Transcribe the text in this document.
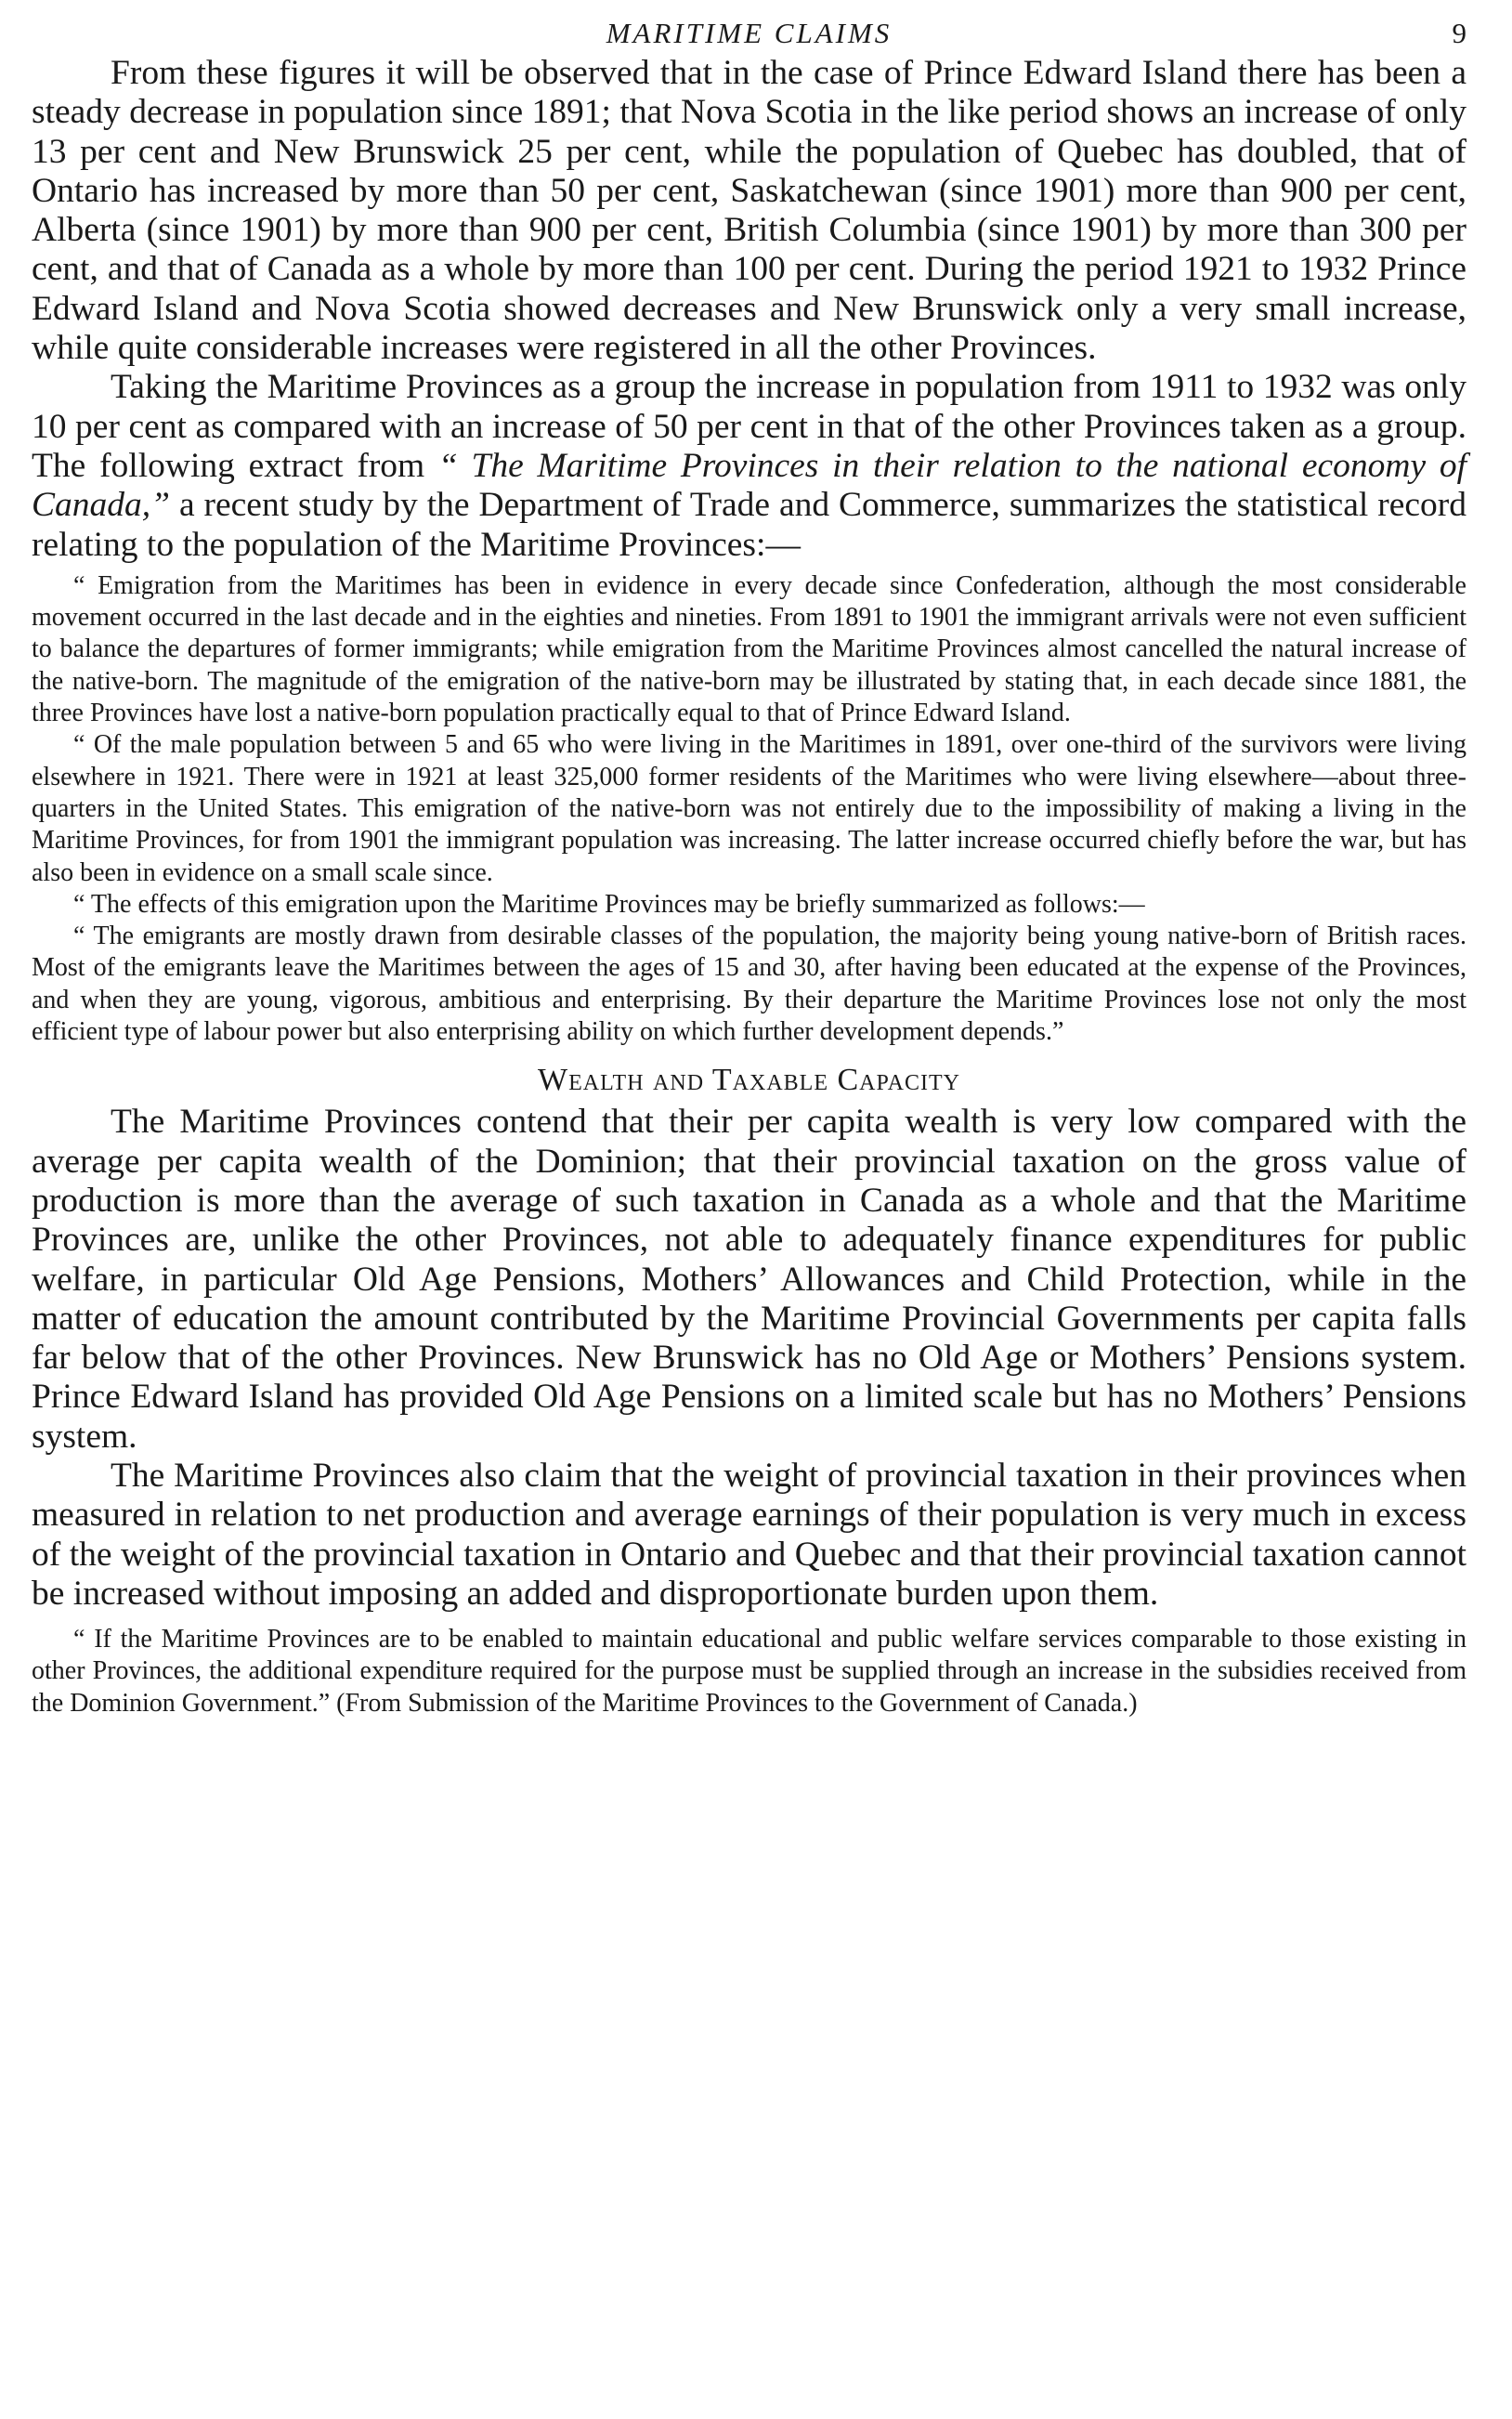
MARITIME CLAIMS	9

From these figures it will be observed that in the case of Prince Edward Island there has been a steady decrease in population since 1891; that Nova Scotia in the like period shows an increase of only 13 per cent and New Brunswick 25 per cent, while the population of Quebec has doubled, that of Ontario has increased by more than 50 per cent, Saskatchewan (since 1901) more than 900 per cent, Alberta (since 1901) by more than 900 per cent, British Columbia (since 1901) by more than 300 per cent, and that of Canada as a whole by more than 100 per cent. During the period 1921 to 1932 Prince Edward Island and Nova Scotia showed decreases and New Brunswick only a very small increase, while quite considerable increases were registered in all the other Provinces.

Taking the Maritime Provinces as a group the increase in population from 1911 to 1932 was only 10 per cent as compared with an increase of 50 per cent in that of the other Provinces taken as a group. The following extract from “ The Maritime Provinces in their relation to the national economy of Canada,” a recent study by the Department of Trade and Commerce, summarizes the statistical record relating to the population of the Maritime Provinces:—

“ Emigration from the Maritimes has been in evidence in every decade since Confederation, although the most considerable movement occurred in the last decade and in the eighties and nineties. From 1891 to 1901 the immigrant arrivals were not even sufficient to balance the departures of former immigrants; while emigration from the Maritime Provinces almost cancelled the natural increase of the native-born. The magnitude of the emigration of the native-born may be illustrated by stating that, in each decade since 1881, the three Provinces have lost a native-born population practically equal to that of Prince Edward Island.

“ Of the male population between 5 and 65 who were living in the Maritimes in 1891, over one-third of the survivors were living elsewhere in 1921. There were in 1921 at least 325,000 former residents of the Maritimes who were living elsewhere—about three-quarters in the United States. This emigration of the native-born was not entirely due to the impossibility of making a living in the Maritime Provinces, for from 1901 the immigrant population was increasing. The latter increase occurred chiefly before the war, but has also been in evidence on a small scale since.

“ The effects of this emigration upon the Maritime Provinces may be briefly summarized as follows:—

“ The emigrants are mostly drawn from desirable classes of the population, the majority being young native-born of British races. Most of the emigrants leave the Maritimes between the ages of 15 and 30, after having been educated at the expense of the Provinces, and when they are young, vigorous, ambitious and enterprising. By their departure the Maritime Provinces lose not only the most efficient type of labour power but also enterprising ability on which further development depends.”

Wealth and Taxable Capacity

The Maritime Provinces contend that their per capita wealth is very low compared with the average per capita wealth of the Dominion; that their provincial taxation on the gross value of production is more than the average of such taxation in Canada as a whole and that the Maritime Provinces are, unlike the other Provinces, not able to adequately finance expenditures for public welfare, in particular Old Age Pensions, Mothers’ Allowances and Child Protection, while in the matter of education the amount contributed by the Maritime Provincial Governments per capita falls far below that of the other Provinces. New Brunswick has no Old Age or Mothers’ Pensions system. Prince Edward Island has provided Old Age Pensions on a limited scale but has no Mothers’ Pensions system.

The Maritime Provinces also claim that the weight of provincial taxation in their provinces when measured in relation to net production and average earnings of their population is very much in excess of the weight of the provincial taxation in Ontario and Quebec and that their provincial taxation cannot be increased without imposing an added and disproportionate burden upon them.

“ If the Maritime Provinces are to be enabled to maintain educational and public welfare services comparable to those existing in other Provinces, the additional expenditure required for the purpose must be supplied through an increase in the subsidies received from the Dominion Government.” (From Submission of the Maritime Provinces to the Government of Canada.)
